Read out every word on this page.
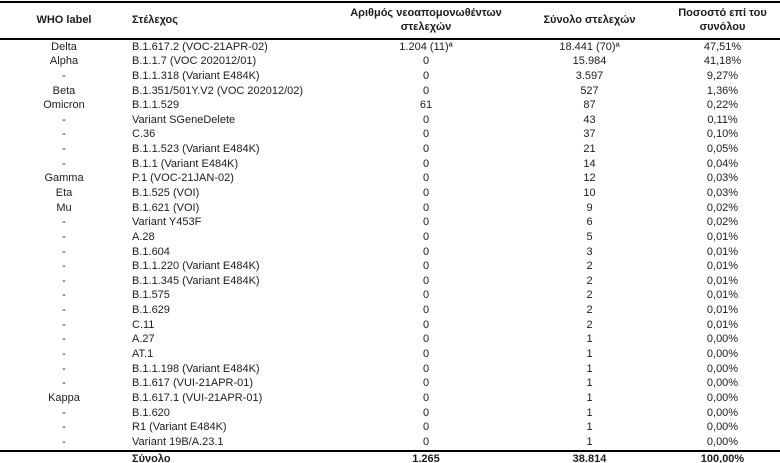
WHO label	Στέλεχος	Αριθμός νεοαπομονωθέντων στελεχών	Σύνολο στελεχών	Ποσοστό επί του συνόλου
Delta	B.1.617.2 (VOC-21APR-02)	1.204 (11)ª	18.441 (70)ª	47,51%
Alpha	B.1.1.7 (VOC 202012/01)	0	15.984	41,18%
-	B.1.1.318 (Variant E484K)	0	3.597	9,27%
Beta	B.1.351/501Y.V2 (VOC 202012/02)	0	527	1,36%
Omicron	B.1.1.529	61	87	0,22%
-	Variant SGeneDelete	0	43	0,11%
-	C.36	0	37	0,10%
-	B.1.1.523 (Variant E484K)	0	21	0,05%
-	B.1.1 (Variant E484K)	0	14	0,04%
Gamma	P.1 (VOC-21JAN-02)	0	12	0,03%
Eta	B.1.525 (VOI)	0	10	0,03%
Mu	B.1.621 (VOI)	0	9	0,02%
-	Variant Y453F	0	6	0,02%
-	A.28	0	5	0,01%
-	B.1.604	0	3	0,01%
-	B.1.1.220 (Variant E484K)	0	2	0,01%
-	B.1.1.345 (Variant E484K)	0	2	0,01%
-	B.1.575	0	2	0,01%
-	B.1.629	0	2	0,01%
-	C.11	0	2	0,01%
-	A.27	0	1	0,00%
-	AT.1	0	1	0,00%
-	B.1.1.198 (Variant E484K)	0	1	0,00%
-	B.1.617 (VUI-21APR-01)	0	1	0,00%
Kappa	B.1.617.1 (VUI-21APR-01)	0	1	0,00%
-	B.1.620	0	1	0,00%
-	R1 (Variant E484K)	0	1	0,00%
-	Variant 19B/A.23.1	0	1	0,00%
	Σύνολο	1.265	38.814	100,00%
